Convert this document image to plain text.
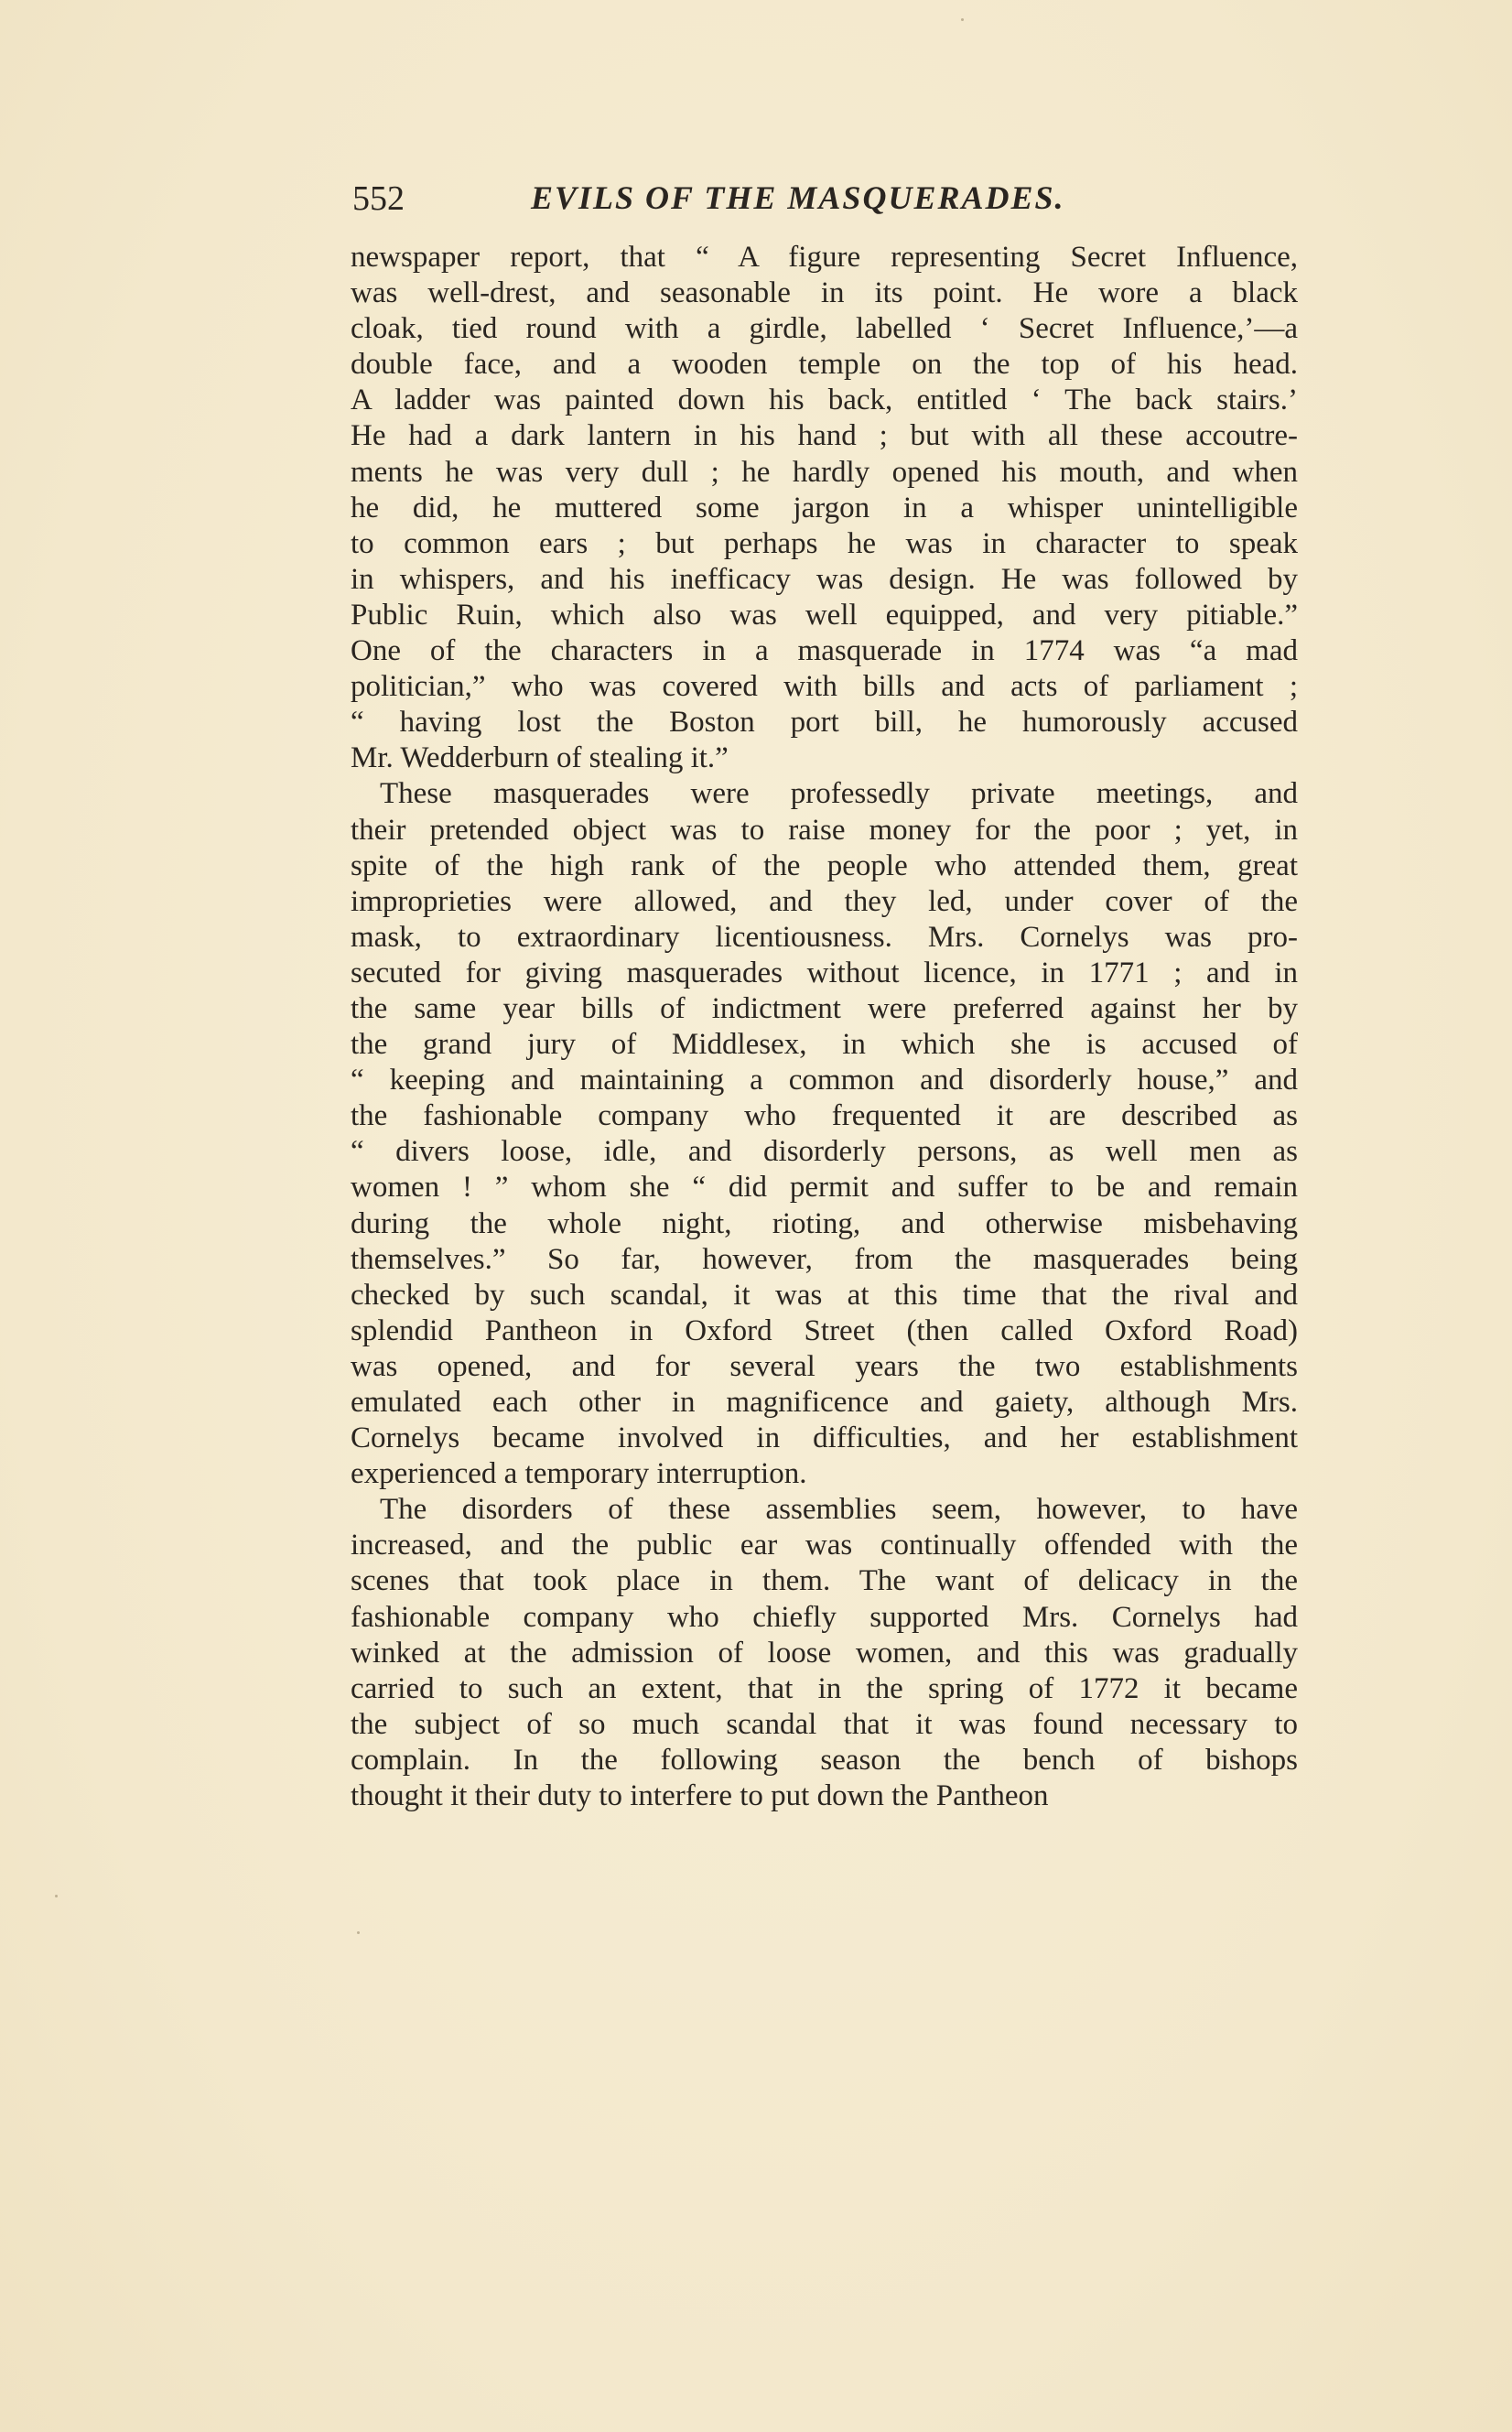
552	EVILS OF THE MASQUERADES.
newspaper report, that “ A figure representing Secret Influence,
was well-drest, and seasonable in its point. He wore a black
cloak, tied round with a girdle, labelled ‘ Secret Influence,’—a
double face, and a wooden temple on the top of his head.
A ladder was painted down his back, entitled ‘ The back stairs.’
He had a dark lantern in his hand ; but with all these accoutre-
ments he was very dull ; he hardly opened his mouth, and when
he did, he muttered some jargon in a whisper unintelligible
to common ears ; but perhaps he was in character to speak
in whispers, and his inefficacy was design. He was followed by
Public Ruin, which also was well equipped, and very pitiable.”
One of the characters in a masquerade in 1774 was “a mad
politician,” who was covered with bills and acts of parliament ;
“ having lost the Boston port bill, he humorously accused
Mr. Wedderburn of stealing it.”
These masquerades were professedly private meetings, and
their pretended object was to raise money for the poor ; yet, in
spite of the high rank of the people who attended them, great
improprieties were allowed, and they led, under cover of the
mask, to extraordinary licentiousness. Mrs. Cornelys was pro-
secuted for giving masquerades without licence, in 1771 ; and in
the same year bills of indictment were preferred against her by
the grand jury of Middlesex, in which she is accused of
“ keeping and maintaining a common and disorderly house,” and
the fashionable company who frequented it are described as
“ divers loose, idle, and disorderly persons, as well men as
women ! ” whom she “ did permit and suffer to be and remain
during the whole night, rioting, and otherwise misbehaving
themselves.” So far, however, from the masquerades being
checked by such scandal, it was at this time that the rival and
splendid Pantheon in Oxford Street (then called Oxford Road)
was opened, and for several years the two establishments
emulated each other in magnificence and gaiety, although Mrs.
Cornelys became involved in difficulties, and her establishment
experienced a temporary interruption.
The disorders of these assemblies seem, however, to have
increased, and the public ear was continually offended with the
scenes that took place in them. The want of delicacy in the
fashionable company who chiefly supported Mrs. Cornelys had
winked at the admission of loose women, and this was gradually
carried to such an extent, that in the spring of 1772 it became
the subject of so much scandal that it was found necessary to
complain. In the following season the bench of bishops
thought it their duty to interfere to put down the Pantheon
